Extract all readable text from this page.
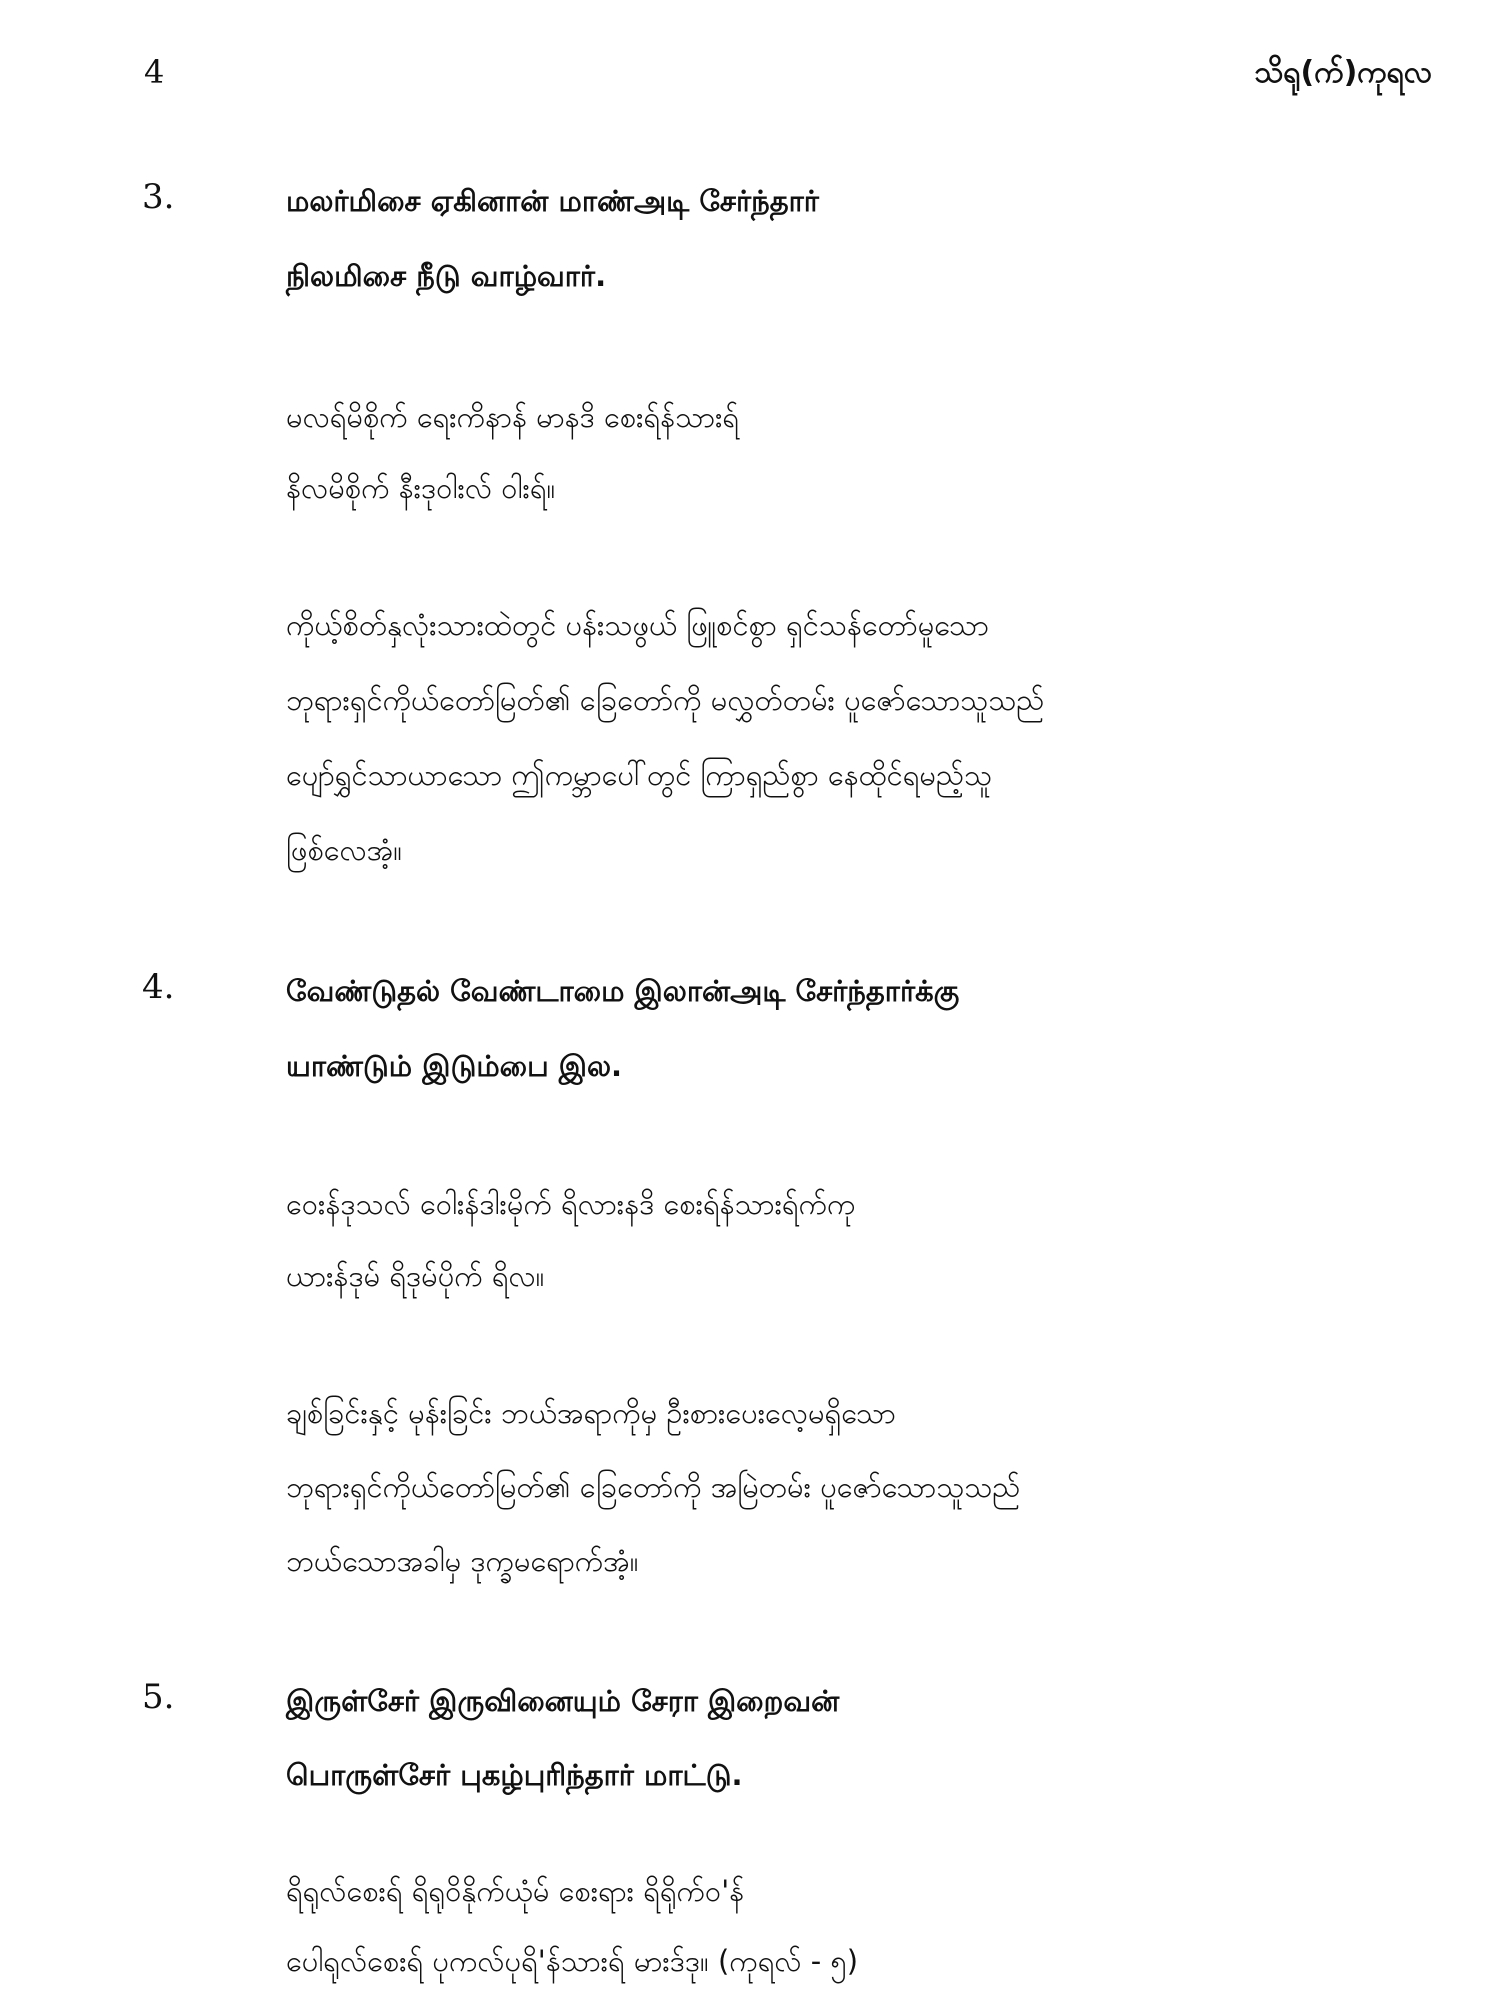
4	သိရု(က်)ကုရလ
3.	மலர்மிசை ஏகினான் மாண்அடி சேர்ந்தார்
நிலமிசை நீடு வாழ்வார்.
မလရ်မိစိုက် ရေးကိနာန် မာနဒိ စေးရ်န်သားရ်
နိလမိစိုက် နီးဒုဝါးလ် ဝါးရ်။
ကိုယ့်စိတ်နှလုံးသားထဲတွင် ပန်းသဖွယ် ဖြူစင်စွာ ရှင်သန်တော်မူသော
ဘုရားရှင်ကိုယ်တော်မြတ်၏ ခြေတော်ကို မလွှတ်တမ်း ပူဇော်သောသူသည်
ပျော်ရွှင်သာယာသော ဤကမ္ဘာပေါ်တွင် ကြာရှည်စွာ နေထိုင်ရမည့်သူ
ဖြစ်လေအံ့။
4.	வேண்டுதல் வேண்டாமை இலான்அடி சேர்ந்தார்க்கு
யாண்டும் இடும்பை இல.
ဝေးန်ဒုသလ် ဝေါးန်ဒါးမိုက် ရိလားနဒိ စေးရ်န်သားရ်က်ကု
ယားန်ဒုမ် ရိဒုမ်ပိုက် ရိလ။
ချစ်ခြင်းနှင့် မုန်းခြင်း ဘယ်အရာကိုမှ ဦးစားပေးလေ့မရှိသော
ဘုရားရှင်ကိုယ်တော်မြတ်၏ ခြေတော်ကို အမြဲတမ်း ပူဇော်သောသူသည်
ဘယ်သောအခါမှ ဒုက္ခမရောက်အံ့။
5.	இருள்சேர் இருவினையும் சேரா இறைவன்
பொருள்சேர் புகழ்புரிந்தார் மாட்டு.
ရိရုလ်စေးရ် ရိရုဝိနိုက်ယုံမ် စေးရား ရိရိုက်ဝ'န်
ပေါရုလ်စေးရ် ပုကလ်ပုရိ'န်သားရ် မားဒ်ဒု။ (ကုရလ် - ၅)
